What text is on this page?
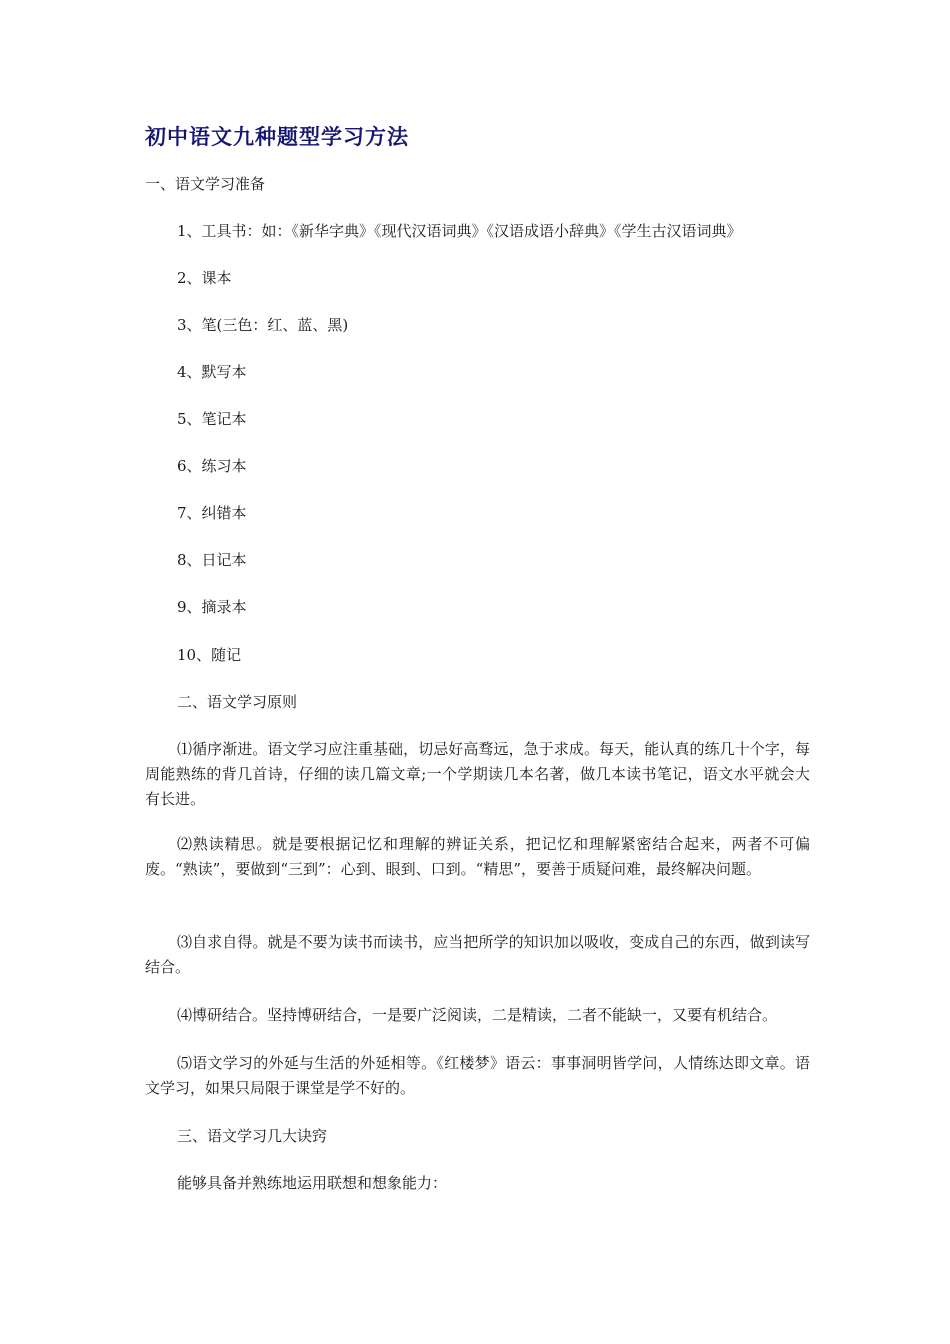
初中语文九种题型学习方法
一、语文学习准备
1、工具书：如：《新华字典》《现代汉语词典》《汉语成语小辞典》《学生古汉语词典》
2、课本
3、笔(三色：红、蓝、黑)
4、默写本
5、笔记本
6、练习本
7、纠错本
8、日记本
9、摘录本
10、随记
二、语文学习原则
⑴循序渐进。语文学习应注重基础，切忌好高骛远，急于求成。每天，能认真的练几十个字，每周能熟练的背几首诗，仔细的读几篇文章;一个学期读几本名著，做几本读书笔记，语文水平就会大有长进。
⑵熟读精思。就是要根据记忆和理解的辨证关系，把记忆和理解紧密结合起来，两者不可偏废。“熟读”，要做到“三到”：心到、眼到、口到。“精思”，要善于质疑问难，最终解决问题。
⑶自求自得。就是不要为读书而读书，应当把所学的知识加以吸收，变成自己的东西，做到读写结合。
⑷博研结合。坚持博研结合，一是要广泛阅读，二是精读，二者不能缺一，又要有机结合。
⑸语文学习的外延与生活的外延相等。《红楼梦》语云：事事洞明皆学问，人情练达即文章。语文学习，如果只局限于课堂是学不好的。
三、语文学习几大诀窍
能够具备并熟练地运用联想和想象能力：
